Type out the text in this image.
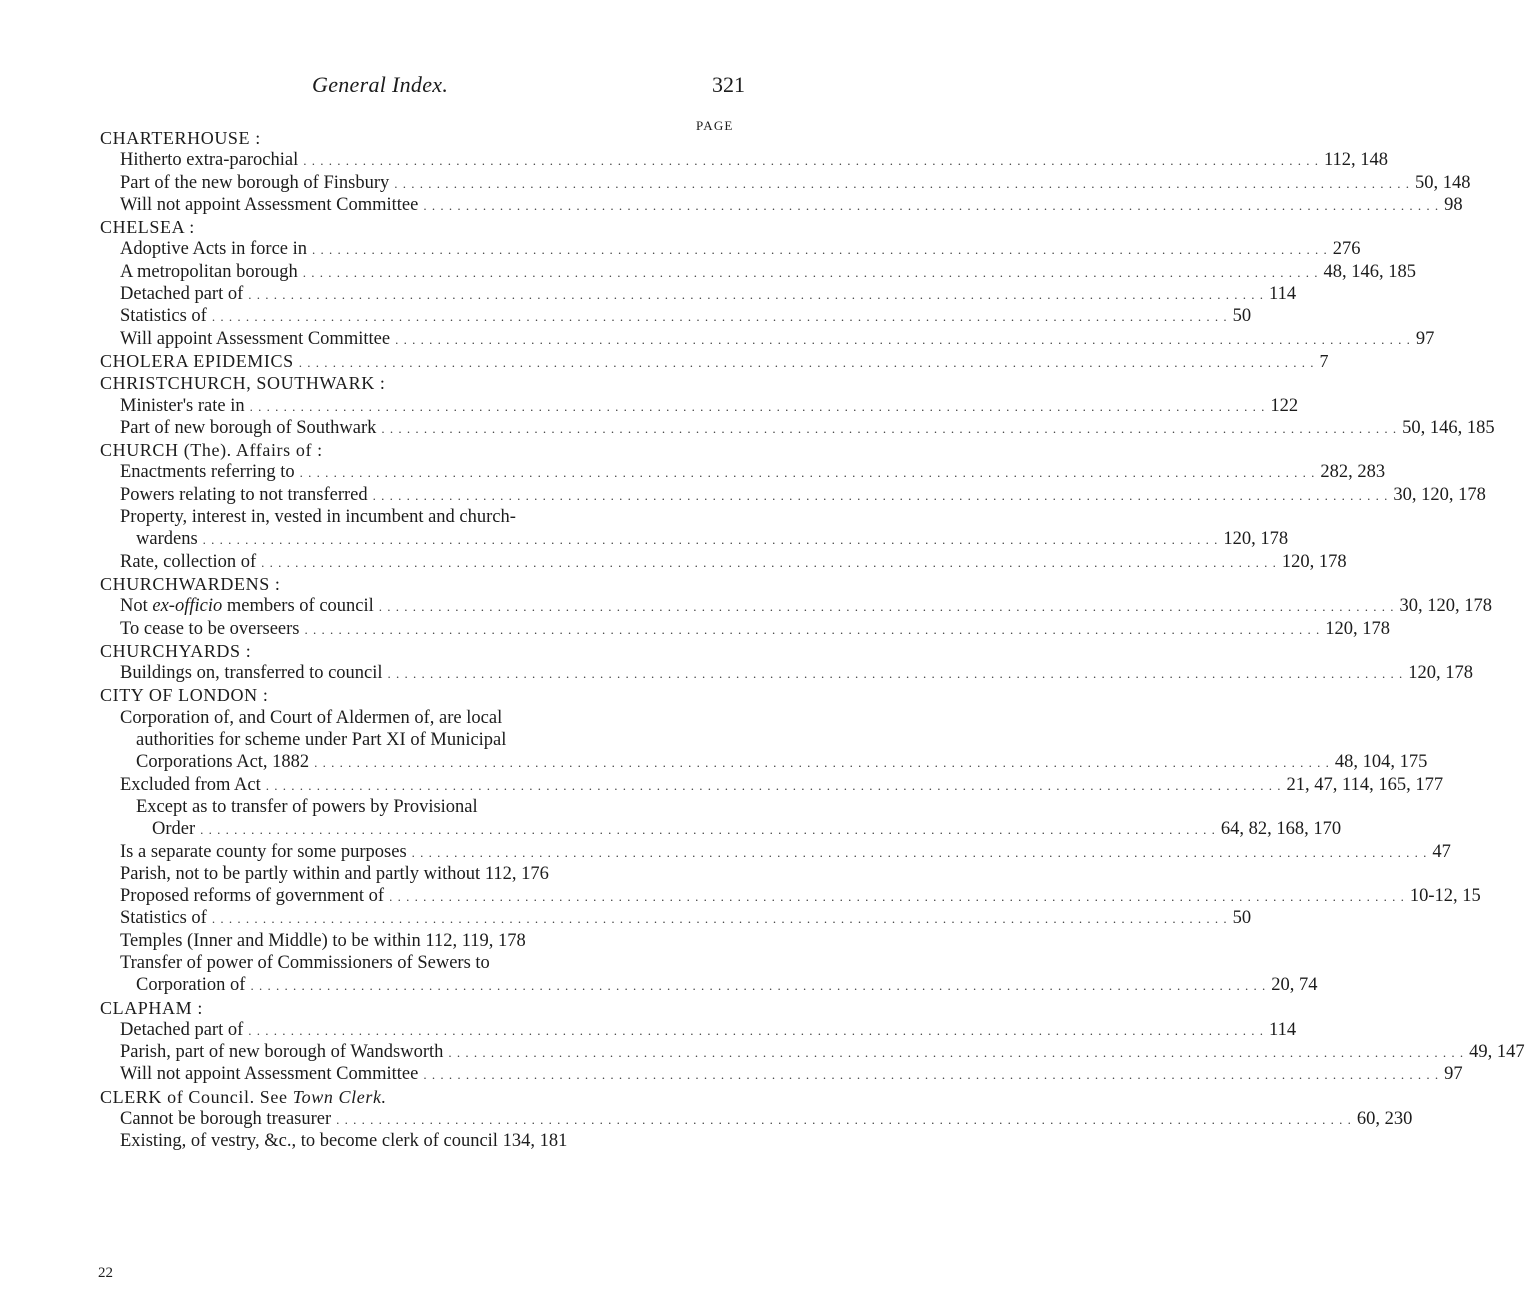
General Index.	321
PAGE
CHARTERHOUSE :
Hitherto extra-parochial . . . . . . . . . . . . . . . . . . . . . . . . . . . . . . . . . . . . . . . . . . . . . . . . . . . . . . . . . . . . . . . . . . . . . . . . . . . . . . . . . . . . . . . . . . . . . . . . . . . . . . . . . . . . . . . . . . . . . . . . 112, 148
Part of the new borough of Finsbury . . . . . . . . . . . . . . . . . . . . . . . . . . . . . . . . . . . . . . . . . . . . . . . . . . . . . . . . . . . . . . . . . . . . . . . . . . . . . . . . . . . . . . . . . . . . . . . . . . . . . . . . . . . . . . . . . . . . . . . . 50, 148
Will not appoint Assessment Committee . . . . . . . . . . . . . . . . . . . . . . . . . . . . . . . . . . . . . . . . . . . . . . . . . . . . . . . . . . . . . . . . . . . . . . . . . . . . . . . . . . . . . . . . . . . . . . . . . . . . . . . . . . . . . . . . . . . . . . . . 98
CHELSEA :
Adoptive Acts in force in . . . . . . . . . . . . . . . . . . . . . . . . . . . . . . . . . . . . . . . . . . . . . . . . . . . . . . . . . . . . . . . . . . . . . . . . . . . . . . . . . . . . . . . . . . . . . . . . . . . . . . . . . . . . . . . . . . . . . . . . 276
A metropolitan borough . . . . . . . . . . . . . . . . . . . . . . . . . . . . . . . . . . . . . . . . . . . . . . . . . . . . . . . . . . . . . . . . . . . . . . . . . . . . . . . . . . . . . . . . . . . . . . . . . . . . . . . . . . . . . . . . . . . . . . . . 48, 146, 185
Detached part of . . . . . . . . . . . . . . . . . . . . . . . . . . . . . . . . . . . . . . . . . . . . . . . . . . . . . . . . . . . . . . . . . . . . . . . . . . . . . . . . . . . . . . . . . . . . . . . . . . . . . . . . . . . . . . . . . . . . . . . . 114
Statistics of . . . . . . . . . . . . . . . . . . . . . . . . . . . . . . . . . . . . . . . . . . . . . . . . . . . . . . . . . . . . . . . . . . . . . . . . . . . . . . . . . . . . . . . . . . . . . . . . . . . . . . . . . . . . . . . . . . . . . . . . 50
Will appoint Assessment Committee . . . . . . . . . . . . . . . . . . . . . . . . . . . . . . . . . . . . . . . . . . . . . . . . . . . . . . . . . . . . . . . . . . . . . . . . . . . . . . . . . . . . . . . . . . . . . . . . . . . . . . . . . . . . . . . . . . . . . . . . 97
CHOLERA EPIDEMICS . . . . . . . . . . . . . . . . . . . . . . . . . . . . . . . . . . . . . . . . . . . . . . . . . . . . . . . . . . . . . . . . . . . . . . . . . . . . . . . . . . . . . . . . . . . . . . . . . . . . . . . . . . . . . . . . . . . . . . . . 7
CHRISTCHURCH, SOUTHWARK :
Minister's rate in . . . . . . . . . . . . . . . . . . . . . . . . . . . . . . . . . . . . . . . . . . . . . . . . . . . . . . . . . . . . . . . . . . . . . . . . . . . . . . . . . . . . . . . . . . . . . . . . . . . . . . . . . . . . . . . . . . . . . . . . 122
Part of new borough of Southwark . . . . . . . . . . . . . . . . . . . . . . . . . . . . . . . . . . . . . . . . . . . . . . . . . . . . . . . . . . . . . . . . . . . . . . . . . . . . . . . . . . . . . . . . . . . . . . . . . . . . . . . . . . . . . . . . . . . . . . . . 50, 146, 185
CHURCH (The). Affairs of :
Enactments referring to . . . . . . . . . . . . . . . . . . . . . . . . . . . . . . . . . . . . . . . . . . . . . . . . . . . . . . . . . . . . . . . . . . . . . . . . . . . . . . . . . . . . . . . . . . . . . . . . . . . . . . . . . . . . . . . . . . . . . . . . 282, 283
Powers relating to not transferred . . . . . . . . . . . . . . . . . . . . . . . . . . . . . . . . . . . . . . . . . . . . . . . . . . . . . . . . . . . . . . . . . . . . . . . . . . . . . . . . . . . . . . . . . . . . . . . . . . . . . . . . . . . . . . . . . . . . . . . . 30, 120, 178
Property, interest in, vested in incumbent and church-
wardens . . . . . . . . . . . . . . . . . . . . . . . . . . . . . . . . . . . . . . . . . . . . . . . . . . . . . . . . . . . . . . . . . . . . . . . . . . . . . . . . . . . . . . . . . . . . . . . . . . . . . . . . . . . . . . . . . . . . . . . . 120, 178
Rate, collection of . . . . . . . . . . . . . . . . . . . . . . . . . . . . . . . . . . . . . . . . . . . . . . . . . . . . . . . . . . . . . . . . . . . . . . . . . . . . . . . . . . . . . . . . . . . . . . . . . . . . . . . . . . . . . . . . . . . . . . . . 120, 178
CHURCHWARDENS :
Not ex-officio members of council . . . . . . . . . . . . . . . . . . . . . . . . . . . . . . . . . . . . . . . . . . . . . . . . . . . . . . . . . . . . . . . . . . . . . . . . . . . . . . . . . . . . . . . . . . . . . . . . . . . . . . . . . . . . . . . . . . . . . . . . 30, 120, 178
To cease to be overseers . . . . . . . . . . . . . . . . . . . . . . . . . . . . . . . . . . . . . . . . . . . . . . . . . . . . . . . . . . . . . . . . . . . . . . . . . . . . . . . . . . . . . . . . . . . . . . . . . . . . . . . . . . . . . . . . . . . . . . . . 120, 178
CHURCHYARDS :
Buildings on, transferred to council . . . . . . . . . . . . . . . . . . . . . . . . . . . . . . . . . . . . . . . . . . . . . . . . . . . . . . . . . . . . . . . . . . . . . . . . . . . . . . . . . . . . . . . . . . . . . . . . . . . . . . . . . . . . . . . . . . . . . . . . 120, 178
CITY OF LONDON :
Corporation of, and Court of Aldermen of, are local
authorities for scheme under Part XI of Municipal
Corporations Act, 1882 . . . . . . . . . . . . . . . . . . . . . . . . . . . . . . . . . . . . . . . . . . . . . . . . . . . . . . . . . . . . . . . . . . . . . . . . . . . . . . . . . . . . . . . . . . . . . . . . . . . . . . . . . . . . . . . . . . . . . . . . 48, 104, 175
Excluded from Act . . . . . . . . . . . . . . . . . . . . . . . . . . . . . . . . . . . . . . . . . . . . . . . . . . . . . . . . . . . . . . . . . . . . . . . . . . . . . . . . . . . . . . . . . . . . . . . . . . . . . . . . . . . . . . . . . . . . . . . . 21, 47, 114, 165, 177
Except as to transfer of powers by Provisional
Order . . . . . . . . . . . . . . . . . . . . . . . . . . . . . . . . . . . . . . . . . . . . . . . . . . . . . . . . . . . . . . . . . . . . . . . . . . . . . . . . . . . . . . . . . . . . . . . . . . . . . . . . . . . . . . . . . . . . . . . . 64, 82, 168, 170
Is a separate county for some purposes . . . . . . . . . . . . . . . . . . . . . . . . . . . . . . . . . . . . . . . . . . . . . . . . . . . . . . . . . . . . . . . . . . . . . . . . . . . . . . . . . . . . . . . . . . . . . . . . . . . . . . . . . . . . . . . . . . . . . . . . 47
Parish, not to be partly within and partly without 112, 176
Proposed reforms of government of . . . . . . . . . . . . . . . . . . . . . . . . . . . . . . . . . . . . . . . . . . . . . . . . . . . . . . . . . . . . . . . . . . . . . . . . . . . . . . . . . . . . . . . . . . . . . . . . . . . . . . . . . . . . . . . . . . . . . . . . 10-12, 15
Statistics of . . . . . . . . . . . . . . . . . . . . . . . . . . . . . . . . . . . . . . . . . . . . . . . . . . . . . . . . . . . . . . . . . . . . . . . . . . . . . . . . . . . . . . . . . . . . . . . . . . . . . . . . . . . . . . . . . . . . . . . . 50
Temples (Inner and Middle) to be within 112, 119, 178
Transfer of power of Commissioners of Sewers to
Corporation of . . . . . . . . . . . . . . . . . . . . . . . . . . . . . . . . . . . . . . . . . . . . . . . . . . . . . . . . . . . . . . . . . . . . . . . . . . . . . . . . . . . . . . . . . . . . . . . . . . . . . . . . . . . . . . . . . . . . . . . . 20, 74
CLAPHAM :
Detached part of . . . . . . . . . . . . . . . . . . . . . . . . . . . . . . . . . . . . . . . . . . . . . . . . . . . . . . . . . . . . . . . . . . . . . . . . . . . . . . . . . . . . . . . . . . . . . . . . . . . . . . . . . . . . . . . . . . . . . . . . 114
Parish, part of new borough of Wandsworth . . . . . . . . . . . . . . . . . . . . . . . . . . . . . . . . . . . . . . . . . . . . . . . . . . . . . . . . . . . . . . . . . . . . . . . . . . . . . . . . . . . . . . . . . . . . . . . . . . . . . . . . . . . . . . . . . . . . . . . . 49, 147
Will not appoint Assessment Committee . . . . . . . . . . . . . . . . . . . . . . . . . . . . . . . . . . . . . . . . . . . . . . . . . . . . . . . . . . . . . . . . . . . . . . . . . . . . . . . . . . . . . . . . . . . . . . . . . . . . . . . . . . . . . . . . . . . . . . . . 97
CLERK of Council. See Town Clerk.
Cannot be borough treasurer . . . . . . . . . . . . . . . . . . . . . . . . . . . . . . . . . . . . . . . . . . . . . . . . . . . . . . . . . . . . . . . . . . . . . . . . . . . . . . . . . . . . . . . . . . . . . . . . . . . . . . . . . . . . . . . . . . . . . . . . 60, 230
Existing, of vestry, &c., to become clerk of council 134, 181
22
